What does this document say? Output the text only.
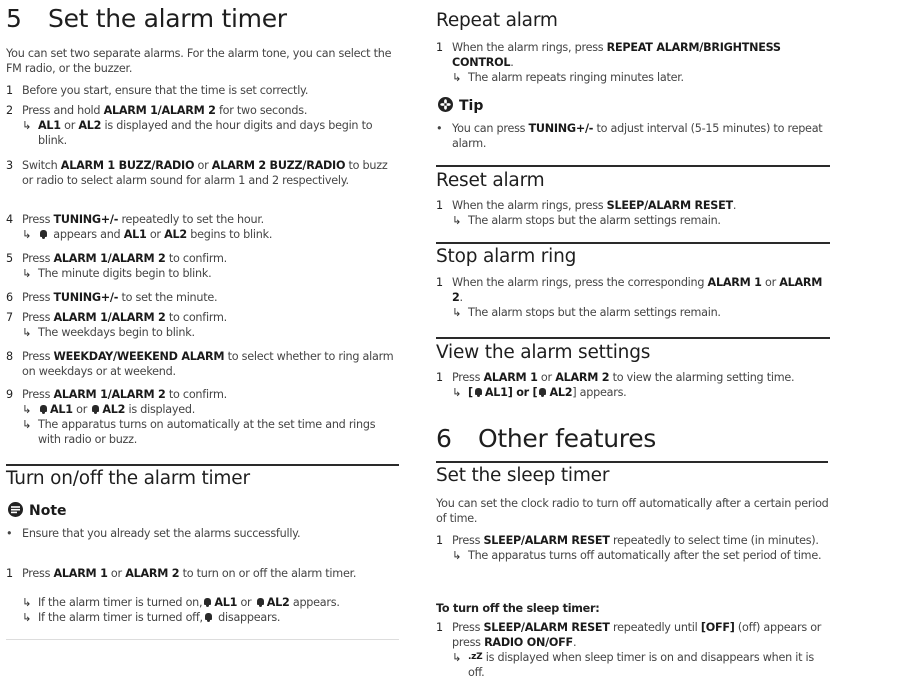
5 Set the alarm timer
You can set two separate alarms. For the alarm tone, you can select the FM radio, or the buzzer.
1 Before you start, ensure that the time is set correctly.
2 Press and hold ALARM 1/ALARM 2 for two seconds.
↳ AL1 or AL2 is displayed and the hour digits and days begin to blink.
3 Switch ALARM 1 BUZZ/RADIO or ALARM 2 BUZZ/RADIO to buzz or radio to select alarm sound for alarm 1 and 2 respectively.
4 Press TUNING+/- repeatedly to set the hour.
↳ appears and AL1 or AL2 begins to blink.
5 Press ALARM 1/ALARM 2 to confirm.
↳ The minute digits begin to blink.
6 Press TUNING+/- to set the minute.
7 Press ALARM 1/ALARM 2 to confirm.
↳ The weekdays begin to blink.
8 Press WEEKDAY/WEEKEND ALARM to select whether to ring alarm on weekdays or at weekend.
9 Press ALARM 1/ALARM 2 to confirm.
↳ AL1 or AL2 is displayed.
↳ The apparatus turns on automatically at the set time and rings with radio or buzz.
Turn on/off the alarm timer
Note
• Ensure that you already set the alarms successfully.
1 Press ALARM 1 or ALARM 2 to turn on or off the alarm timer.
↳ If the alarm timer is turned on, AL1 or AL2 appears.
↳ If the alarm timer is turned off, disappears.
Repeat alarm
1 When the alarm rings, press REPEAT ALARM/BRIGHTNESS CONTROL.
↳ The alarm repeats ringing minutes later.
Tip
• You can press TUNING+/- to adjust interval (5-15 minutes) to repeat alarm.
Reset alarm
1 When the alarm rings, press SLEEP/ALARM RESET.
↳ The alarm stops but the alarm settings remain.
Stop alarm ring
1 When the alarm rings, press the corresponding ALARM 1 or ALARM 2.
↳ The alarm stops but the alarm settings remain.
View the alarm settings
1 Press ALARM 1 or ALARM 2 to view the alarming setting time.
↳ [ AL1] or [ AL2] appears.
6 Other features
Set the sleep timer
You can set the clock radio to turn off automatically after a certain period of time.
1 Press SLEEP/ALARM RESET repeatedly to select time (in minutes).
↳ The apparatus turns off automatically after the set period of time.
To turn off the sleep timer:
1 Press SLEEP/ALARM RESET repeatedly until [OFF] (off) appears or press RADIO ON/OFF.
↳ .zZ is displayed when sleep timer is on and disappears when it is off.
